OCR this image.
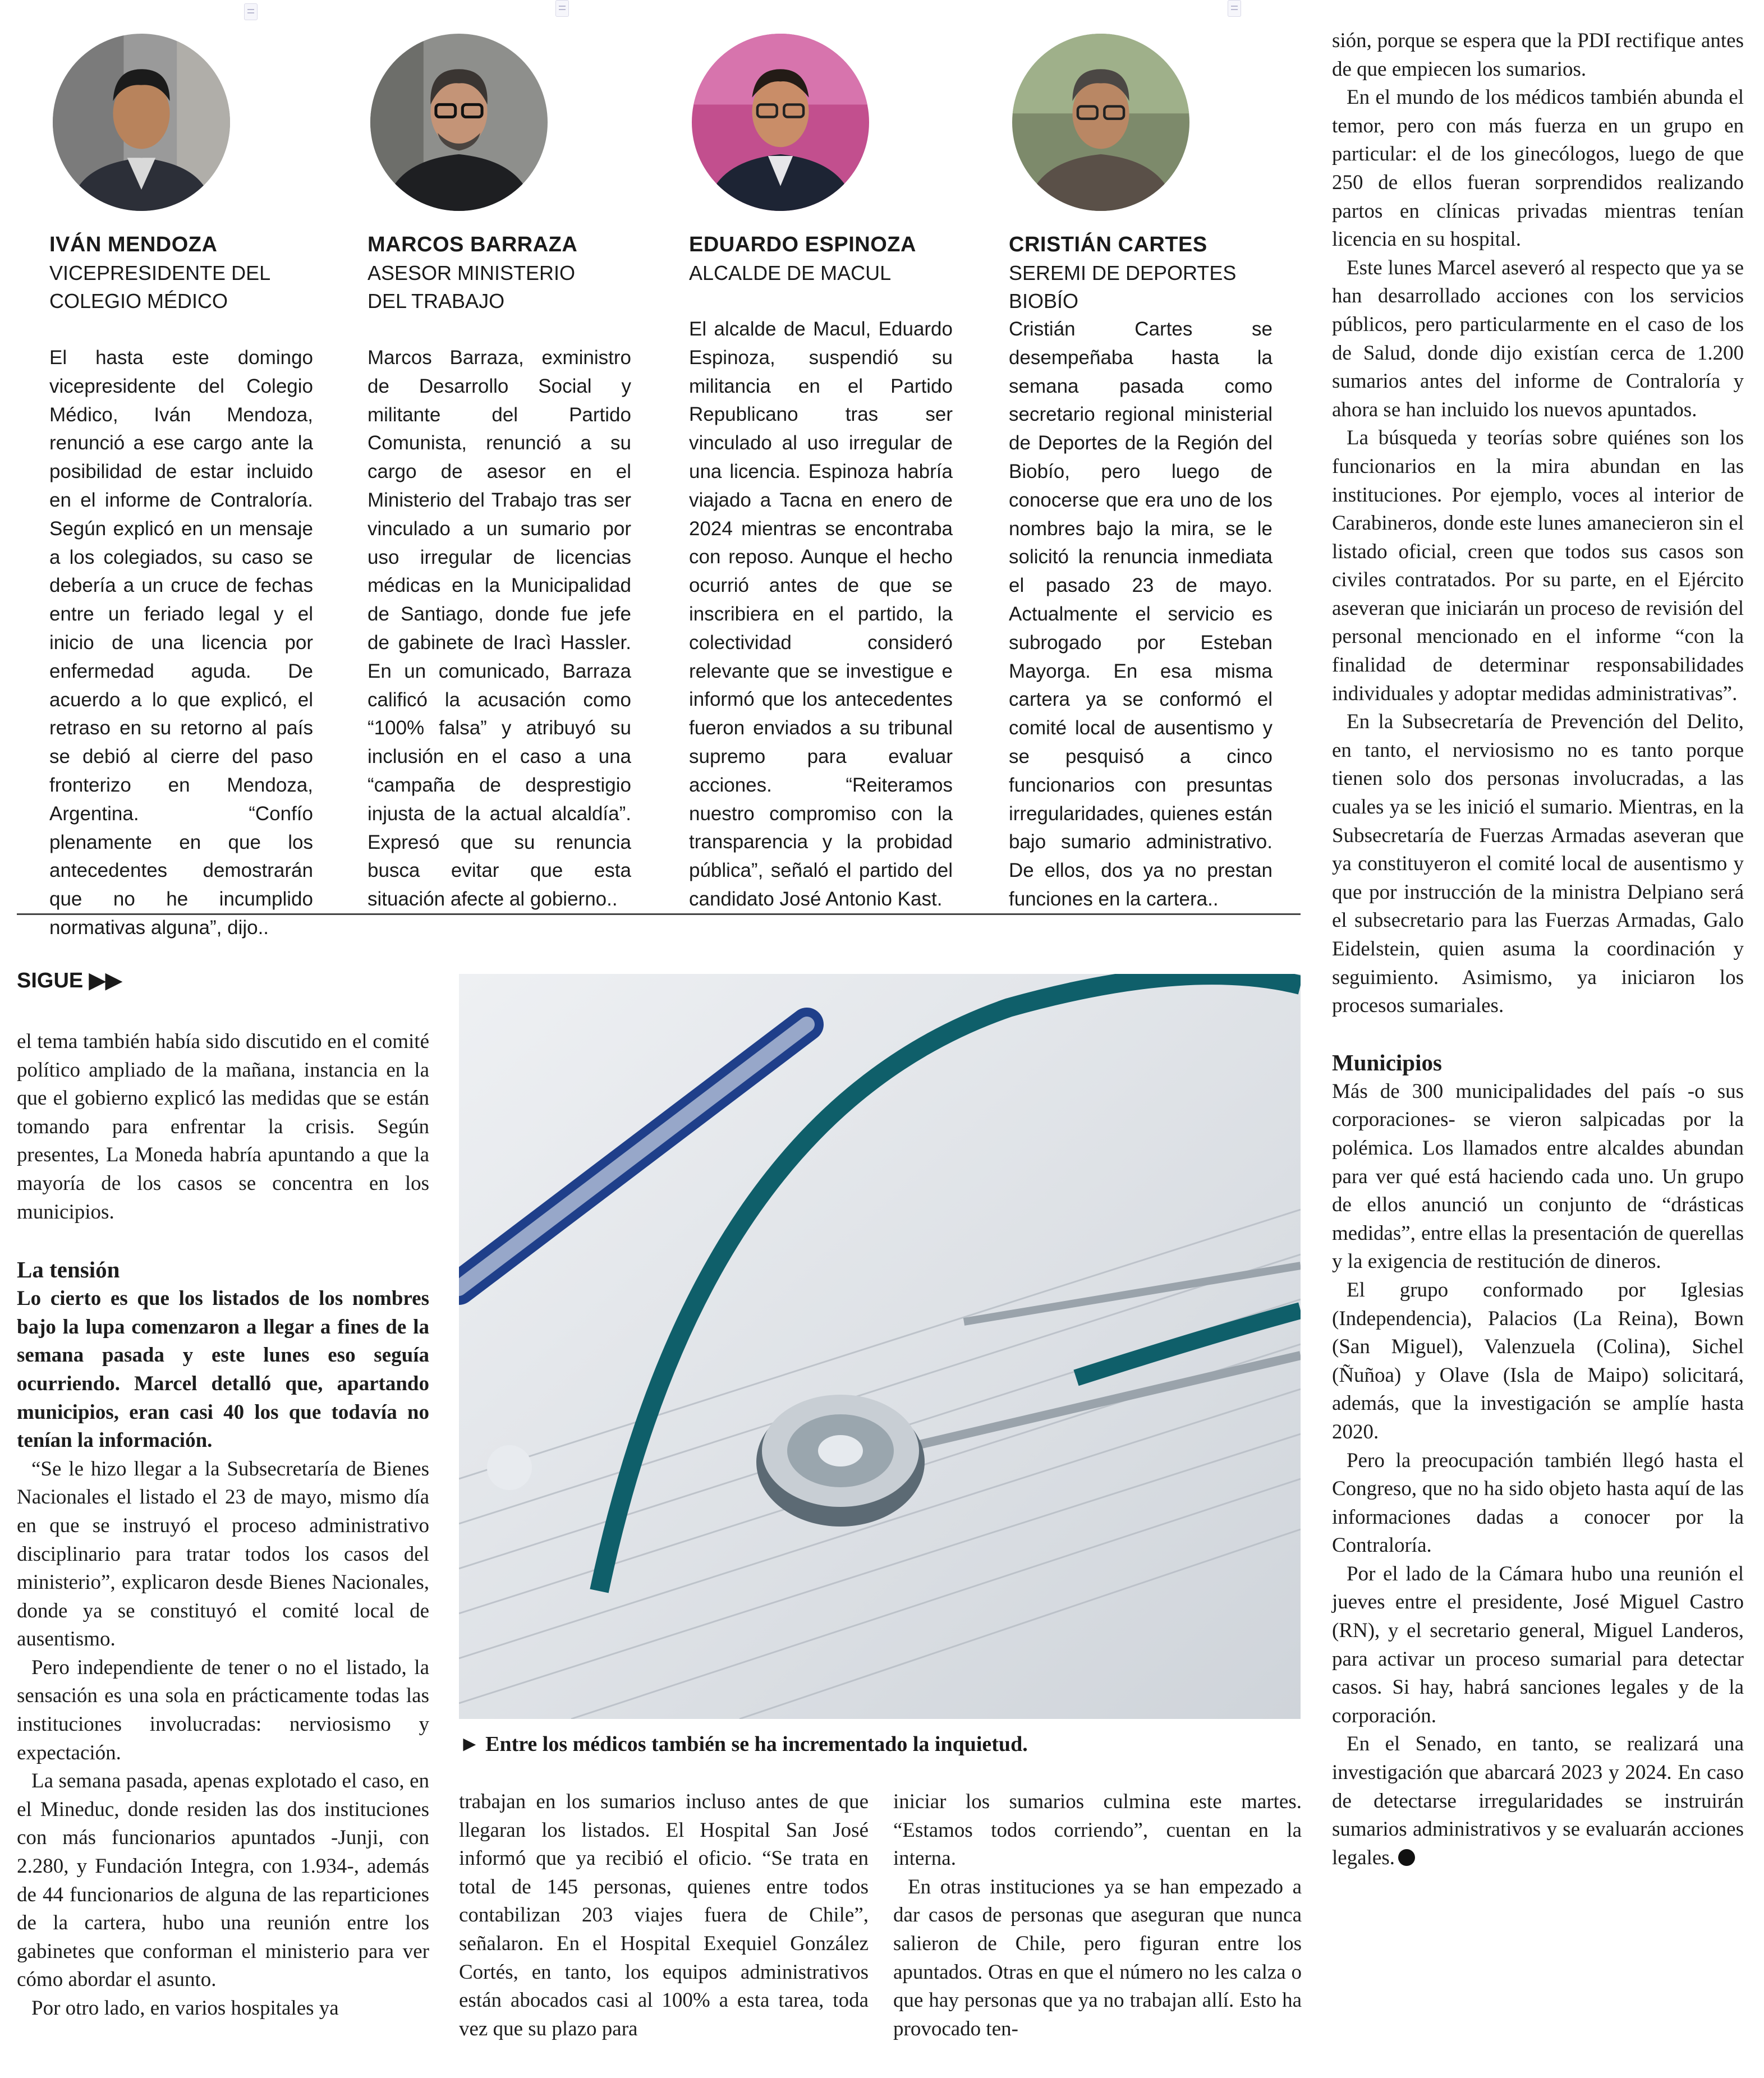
IVÁN MENDOZA
VICEPRESIDENTE DEL
COLEGIO MÉDICO
El hasta este domingo vicepresidente del Colegio Médico, Iván Mendoza, renunció a ese cargo ante la posibilidad de estar incluido en el informe de Contraloría. Según explicó en un mensaje a los colegiados, su caso se debería a un cruce de fechas entre un feriado legal y el inicio de una licencia por enfermedad aguda. De acuerdo a lo que explicó, el retraso en su retorno al país se debió al cierre del paso fronterizo en Mendoza, Argentina. “Confío plenamente en que los antecedentes demostrarán que no he incumplido normativas alguna”, dijo..
MARCOS BARRAZA
ASESOR MINISTERIO
DEL TRABAJO
Marcos Barraza, exministro de Desarrollo Social y militante del Partido Comunista, renunció a su cargo de asesor en el Ministerio del Trabajo tras ser vinculado a un sumario por uso irregular de licencias médicas en la Municipalidad de Santiago, donde fue jefe de gabinete de Iracì Hassler. En un comunicado, Barraza calificó la acusación como “100% falsa” y atribuyó su inclusión en el caso a una “campaña de desprestigio injusta de la actual alcaldía”. Expresó que su renuncia busca evitar que esta situación afecte al gobierno..
EDUARDO ESPINOZA
ALCALDE DE MACUL
El alcalde de Macul, Eduardo Espinoza, suspendió su militancia en el Partido Republicano tras ser vinculado al uso irregular de una licencia. Espinoza habría viajado a Tacna en enero de 2024 mientras se encontraba con reposo. Aunque el hecho ocurrió antes de que se inscribiera en el partido, la colectividad consideró relevante que se investigue e informó que los antecedentes fueron enviados a su tribunal supremo para evaluar acciones. “Reiteramos nuestro compromiso con la transparencia y la probidad pública”, señaló el partido del candidato José Antonio Kast.
CRISTIÁN CARTES
SEREMI DE DEPORTES BIOBÍO
Cristián Cartes se desempeñaba hasta la semana pasada como secretario regional ministerial de Deportes de la Región del Biobío, pero luego de conocerse que era uno de los nombres bajo la mira, se le solicitó la renuncia inmediata el pasado 23 de mayo. Actualmente el servicio es subrogado por Esteban Mayorga. En esa misma cartera ya se conformó el comité local de ausentismo y se pesquisó a cinco funcionarios con presuntas irregularidades, quienes están bajo sumario administrativo. De ellos, dos ya no prestan funciones en la cartera..
SIGUE ▶▶

el tema también había sido discutido en el comité político ampliado de la mañana, instancia en la que el gobierno explicó las medidas que se están tomando para enfrentar la crisis. Según presentes, La Moneda habría apuntando a que la mayoría de los casos se concentra en los municipios.

La tensión

Lo cierto es que los listados de los nombres bajo la lupa comenzaron a llegar a fines de la semana pasada y este lunes eso seguía ocurriendo. Marcel detalló que, apartando municipios, eran casi 40 los que todavía no tenían la información.

“Se le hizo llegar a la Subsecretaría de Bienes Nacionales el listado el 23 de mayo, mismo día en que se instruyó el proceso administrativo disciplinario para tratar todos los casos del ministerio”, explicaron desde Bienes Nacionales, donde ya se constituyó el comité local de ausentismo.

Pero independiente de tener o no el listado, la sensación es una sola en prácticamente todas las instituciones involucradas: nerviosismo y expectación.

La semana pasada, apenas explotado el caso, en el Mineduc, donde residen las dos instituciones con más funcionarios apuntados -Junji, con 2.280, y Fundación Integra, con 1.934-, además de 44 funcionarios de alguna de las reparticiones de la cartera, hubo una reunión entre los gabinetes que conforman el ministerio para ver cómo abordar el asunto.

Por otro lado, en varios hospitales ya

► Entre los médicos también se ha incrementado la inquietud.

trabajan en los sumarios incluso antes de que llegaran los listados. El Hospital San José informó que ya recibió el oficio. “Se trata en total de 145 personas, quienes entre todos contabilizan 203 viajes fuera de Chile”, señalaron. En el Hospital Exequiel González Cortés, en tanto, los equipos administrativos están abocados casi al 100% a esta tarea, toda vez que su plazo para

iniciar los sumarios culmina este martes. “Estamos todos corriendo”, cuentan en la interna.

En otras instituciones ya se han empezado a dar casos de personas que aseguran que nunca salieron de Chile, pero figuran entre los apuntados. Otras en que el número no les calza o que hay personas que ya no trabajan allí. Esto ha provocado ten-

sión, porque se espera que la PDI rectifique antes de que empiecen los sumarios.

En el mundo de los médicos también abunda el temor, pero con más fuerza en un grupo en particular: el de los ginecólogos, luego de que 250 de ellos fueran sorprendidos realizando partos en clínicas privadas mientras tenían licencia en su hospital.

Este lunes Marcel aseveró al respecto que ya se han desarrollado acciones con los servicios públicos, pero particularmente en el caso de los de Salud, donde dijo existían cerca de 1.200 sumarios antes del informe de Contraloría y ahora se han incluido los nuevos apuntados.

La búsqueda y teorías sobre quiénes son los funcionarios en la mira abundan en las instituciones. Por ejemplo, voces al interior de Carabineros, donde este lunes amanecieron sin el listado oficial, creen que todos sus casos son civiles contratados. Por su parte, en el Ejército aseveran que iniciarán un proceso de revisión del personal mencionado en el informe “con la finalidad de determinar responsabilidades individuales y adoptar medidas administrativas”.

En la Subsecretaría de Prevención del Delito, en tanto, el nerviosismo no es tanto porque tienen solo dos personas involucradas, a las cuales ya se les inició el sumario. Mientras, en la Subsecretaría de Fuerzas Armadas aseveran que ya constituyeron el comité local de ausentismo y que por instrucción de la ministra Delpiano será el subsecretario para las Fuerzas Armadas, Galo Eidelstein, quien asuma la coordinación y seguimiento. Asimismo, ya iniciaron los procesos sumariales.

Municipios

Más de 300 municipalidades del país -o sus corporaciones- se vieron salpicadas por la polémica. Los llamados entre alcaldes abundan para ver qué está haciendo cada uno. Un grupo de ellos anunció un conjunto de “drásticas medidas”, entre ellas la presentación de querellas y la exigencia de restitución de dineros.

El grupo conformado por Iglesias (Independencia), Palacios (La Reina), Bown (San Miguel), Valenzuela (Colina), Sichel (Ñuñoa) y Olave (Isla de Maipo) solicitará, además, que la investigación se amplíe hasta 2020.

Pero la preocupación también llegó hasta el Congreso, que no ha sido objeto hasta aquí de las informaciones dadas a conocer por la Contraloría.

Por el lado de la Cámara hubo una reunión el jueves entre el presidente, José Miguel Castro (RN), y el secretario general, Miguel Landeros, para activar un proceso sumarial para detectar casos. Si hay, habrá sanciones legales y de la corporación.

En el Senado, en tanto, se realizará una investigación que abarcará 2023 y 2024. En caso de detectarse irregularidades se instruirán sumarios administrativos y se evaluarán acciones legales.
